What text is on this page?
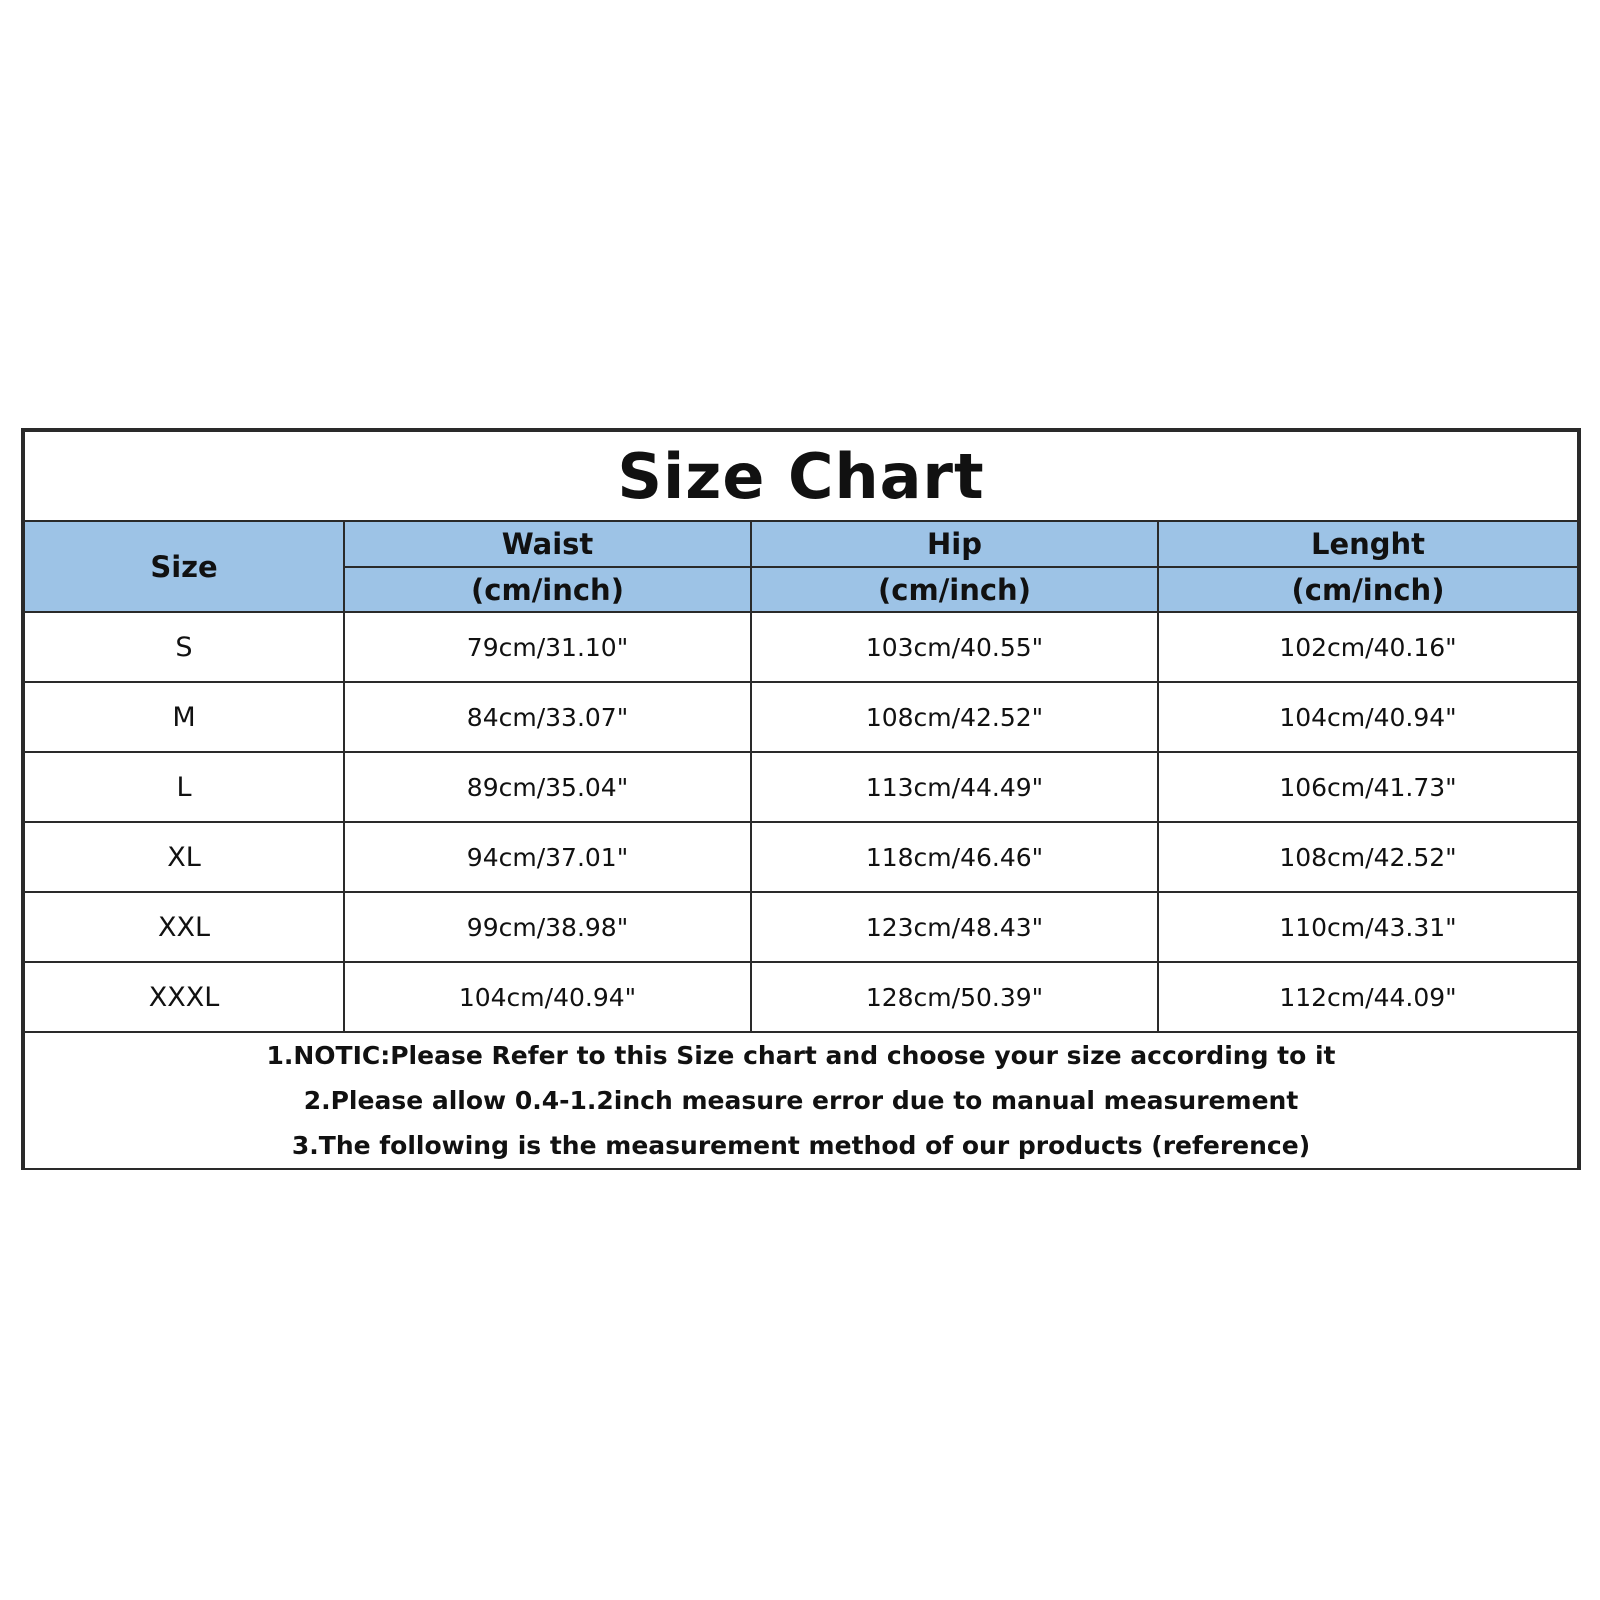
Size Chart			
Size	Waist	Hip	Lenght
	(cm/inch)	(cm/inch)	(cm/inch)
S	79cm/31.10"	103cm/40.55"	102cm/40.16"
M	84cm/33.07"	108cm/42.52"	104cm/40.94"
L	89cm/35.04"	113cm/44.49"	106cm/41.73"
XL	94cm/37.01"	118cm/46.46"	108cm/42.52"
XXL	99cm/38.98"	123cm/48.43"	110cm/43.31"
XXXL	104cm/40.94"	128cm/50.39"	112cm/44.09"

1.NOTIC:Please Refer to this Size chart and choose your size according to it
2.Please allow 0.4-1.2inch measure error due to manual measurement
3.The following is the measurement method of our products (reference)			
